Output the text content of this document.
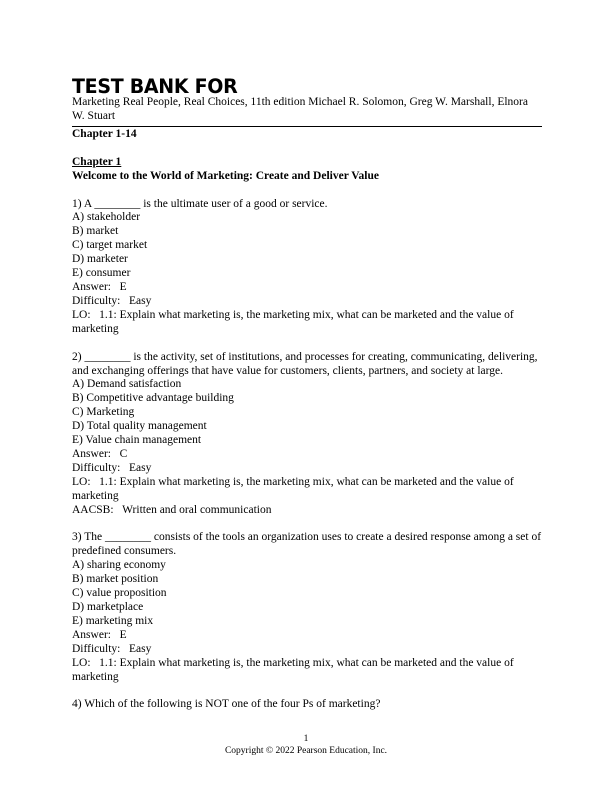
TEST BANK FOR
Marketing Real People, Real Choices, 11th edition Michael R. Solomon, Greg W. Marshall, Elnora W. Stuart
Chapter 1-14
Chapter 1
Welcome to the World of Marketing: Create and Deliver Value
1) A ________ is the ultimate user of a good or service.
A) stakeholder
B) market
C) target market
D) marketer
E) consumer
Answer:   E
Difficulty:   Easy
LO:   1.1: Explain what marketing is, the marketing mix, what can be marketed and the value of marketing
2) ________ is the activity, set of institutions, and processes for creating, communicating, delivering, and exchanging offerings that have value for customers, clients, partners, and society at large.
A) Demand satisfaction
B) Competitive advantage building
C) Marketing
D) Total quality management
E) Value chain management
Answer:   C
Difficulty:   Easy
LO:   1.1: Explain what marketing is, the marketing mix, what can be marketed and the value of marketing
AACSB:   Written and oral communication
3) The ________ consists of the tools an organization uses to create a desired response among a set of predefined consumers.
A) sharing economy
B) market position
C) value proposition
D) marketplace
E) marketing mix
Answer:   E
Difficulty:   Easy
LO:   1.1: Explain what marketing is, the marketing mix, what can be marketed and the value of marketing
4) Which of the following is NOT one of the four Ps of marketing?
1
Copyright © 2022 Pearson Education, Inc.
